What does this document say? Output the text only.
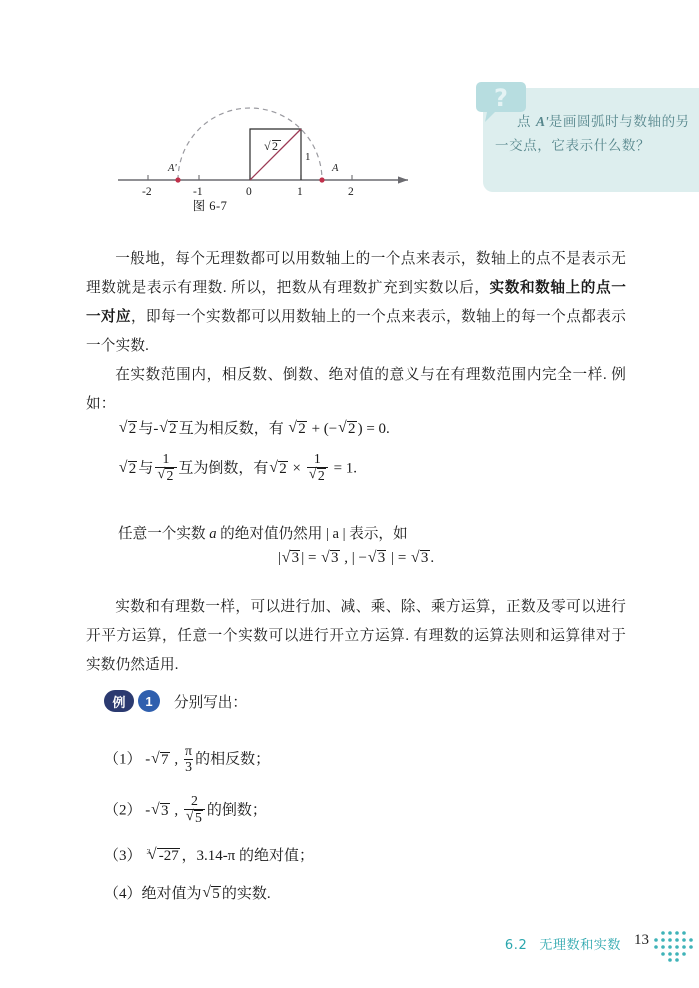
A'	A
-2	-1	0	1	2
1
√ 2
图 6-7
?
点 A'是画圆弧时与数轴的另一交点，它表示什么数？
一般地，每个无理数都可以用数轴上的一个点来表示，数轴上的点不是表示无理数就是表示有理数. 所以，把数从有理数扩充到实数以后，实数和数轴上的点一一对应，即每一个实数都可以用数轴上的一个点来表示，数轴上的每一个点都表示一个实数.
在实数范围内，相反数、倒数、绝对值的意义与在有理数范围内完全一样. 例如：
√ 2 与- √ 2 互为相反数，有 √ 2 + (− √ 2 ) = 0.
√ 2 与 1
√ 2 互为倒数，有 √ 2 × 1
√ 2 = 1.
任意一个实数 a 的绝对值仍然用 | a | 表示，如
| √ 3 | = √ 3 , | − √ 3 | = √ 3 .
实数和有理数一样，可以进行加、减、乘、除、乘方运算，正数及零可以进行开平方运算，任意一个实数可以进行开立方运算. 有理数的运算法则和运算律对于实数仍然适用.
例	1	分别写出：
（1） - √ 7 , $\frac{\pi}{3}$ 的相反数；
（2） - √ 3 , 2
√ 5 的倒数；
（3） √ 3 -27 ，3.14-π 的绝对值；
（4）绝对值为 √ 5 的实数.
6.2 无理数和实数 13
